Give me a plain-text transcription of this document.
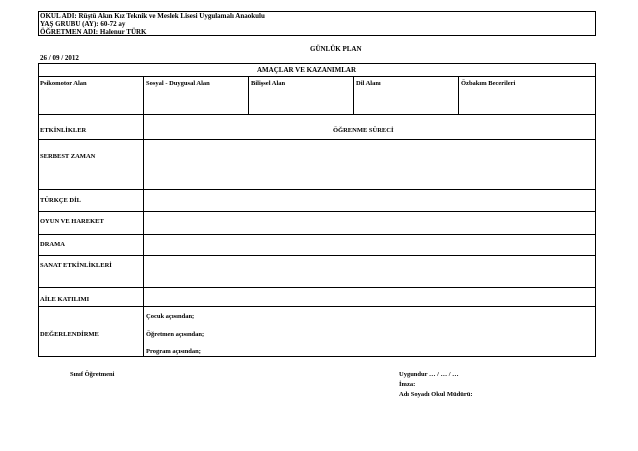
OKUL ADI: Rüştü Akın Kız Teknik ve Meslek Lisesi Uygulamalı Anaokulu
YAŞ GRUBU (AY): 60-72 ay
ÖĞRETMEN ADI: Halenur TÜRK
GÜNLÜK PLAN
26 / 09 / 2012
AMAÇLAR VE KAZANIMLAR
Psikomotor Alan	Sosyal - Duygusal Alan	Bilişsel Alan	Dil Alanı	Özbakım Becerileri
ETKİNLİKLER	ÖĞRENME SÜRECİ
SERBEST ZAMAN
TÜRKÇE DİL
OYUN VE HAREKET
DRAMA
SANAT ETKİNLİKLERİ
AİLE KATILIMI
DEĞERLENDİRME
Çocuk açısından;
Öğretmen açısından;
Program açısından;
Sınıf Öğretmeni	Uygundur … / … / …
İmza:
Adı Soyadı Okul Müdürü:
